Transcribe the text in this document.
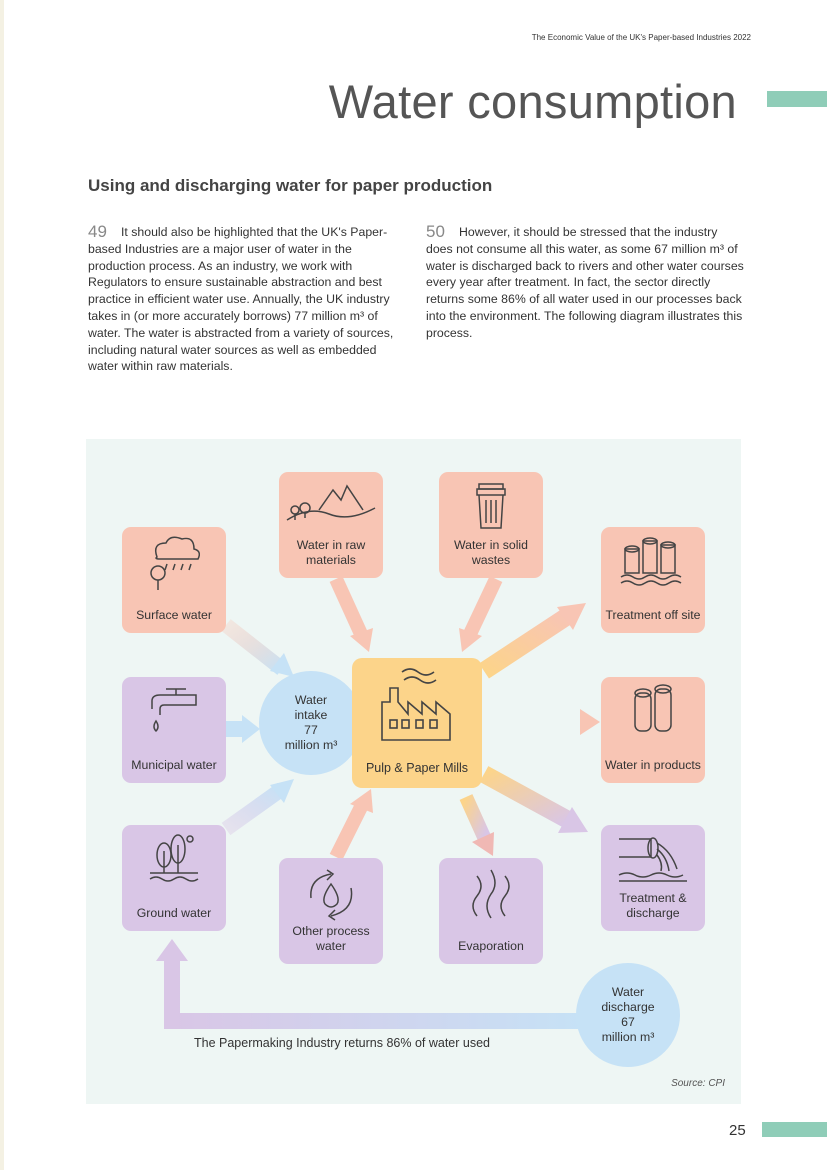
The Economic Value of the UK's Paper-based Industries 2022
Water consumption
Using and discharging water for paper production
49	It should also be highlighted that the UK's Paper-based Industries are a major user of water in the production process. As an industry, we work with Regulators to ensure sustainable abstraction and best practice in efficient water use. Annually, the UK industry takes in (or more accurately borrows) 77 million m³ of water. The water is abstracted from a variety of sources, including natural water sources as well as embedded water within raw materials.

50	However, it should be stressed that the industry does not consume all this water, as some 67 million m³ of water is discharged back to rivers and other water courses every year after treatment. In fact, the sector directly returns some 86% of all water used in our processes back into the environment. The following diagram illustrates this process.

Surface water
Water in raw materials
Water in solid wastes
Treatment off site
Municipal water	Water in products
Ground water
Other process water	Evaporation
Treatment & discharge
Water
intake
77
million m³
Pulp & Paper Mills
Water
discharge
67
million m³
The Papermaking Industry returns 86% of water used
Source: CPI
25
